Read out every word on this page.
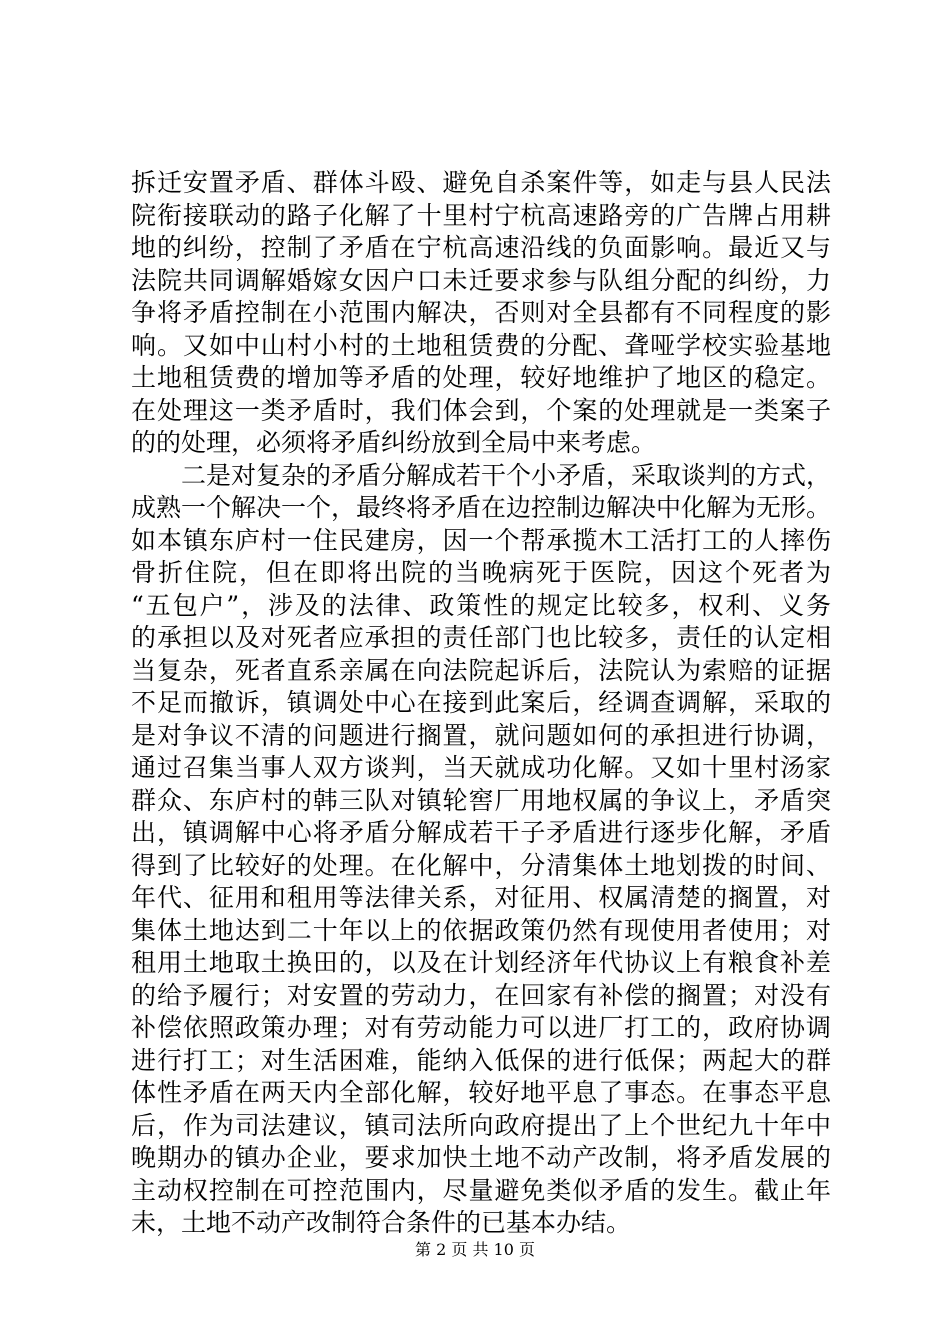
拆迁安置矛盾、群体斗殴、避免自杀案件等，如走与县人民法
院衔接联动的路子化解了十里村宁杭高速路旁的广告牌占用耕
地的纠纷，控制了矛盾在宁杭高速沿线的负面影响。最近又与
法院共同调解婚嫁女因户口未迁要求参与队组分配的纠纷，力
争将矛盾控制在小范围内解决，否则对全县都有不同程度的影
响。又如中山村小村的土地租赁费的分配、聋哑学校实验基地
土地租赁费的增加等矛盾的处理，较好地维护了地区的稳定。
在处理这一类矛盾时，我们体会到，个案的处理就是一类案子
的的处理，必须将矛盾纠纷放到全局中来考虑。
二是对复杂的矛盾分解成若干个小矛盾，采取谈判的方式，
成熟一个解决一个，最终将矛盾在边控制边解决中化解为无形。
如本镇东庐村一住民建房，因一个帮承揽木工活打工的人摔伤
骨折住院，但在即将出院的当晚病死于医院，因这个死者为
“五包户”，涉及的法律、政策性的规定比较多，权利、义务
的承担以及对死者应承担的责任部门也比较多，责任的认定相
当复杂，死者直系亲属在向法院起诉后，法院认为索赔的证据
不足而撤诉，镇调处中心在接到此案后，经调查调解，采取的
是对争议不清的问题进行搁置，就问题如何的承担进行协调，
通过召集当事人双方谈判，当天就成功化解。又如十里村汤家
群众、东庐村的韩三队对镇轮窖厂用地权属的争议上，矛盾突
出，镇调解中心将矛盾分解成若干子矛盾进行逐步化解，矛盾
得到了比较好的处理。在化解中，分清集体土地划拨的时间、
年代、征用和租用等法律关系，对征用、权属清楚的搁置，对
集体土地达到二十年以上的依据政策仍然有现使用者使用；对
租用土地取土换田的，以及在计划经济年代协议上有粮食补差
的给予履行；对安置的劳动力，在回家有补偿的搁置；对没有
补偿依照政策办理；对有劳动能力可以进厂打工的，政府协调
进行打工；对生活困难，能纳入低保的进行低保；两起大的群
体性矛盾在两天内全部化解，较好地平息了事态。在事态平息
后，作为司法建议，镇司法所向政府提出了上个世纪九十年中
晚期办的镇办企业，要求加快土地不动产改制，将矛盾发展的
主动权控制在可控范围内，尽量避免类似矛盾的发生。截止年
未，土地不动产改制符合条件的已基本办结。
第 2 页 共 10 页
